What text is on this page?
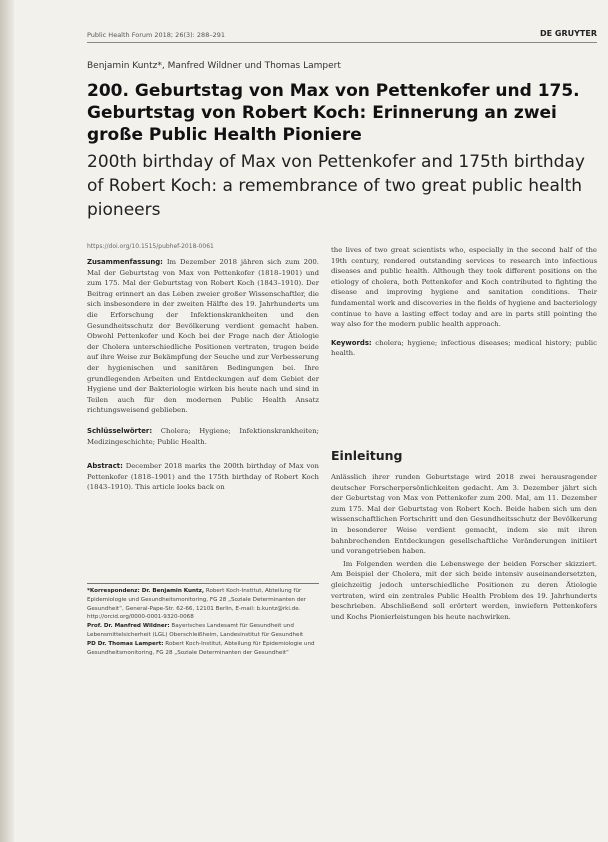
Public Health Forum 2018; 26(3): 288–291	DE GRUYTER
Benjamin Kuntz*, Manfred Wildner und Thomas Lampert
200. Geburtstag von Max von Pettenkofer und 175. Geburtstag von Robert Koch: Erinnerung an zwei große Public Health Pioniere
200th birthday of Max von Pettenkofer and 175th birthday of Robert Koch: a remembrance of two great public health pioneers
https://doi.org/10.1515/pubhef-2018-0061

Zusammenfassung: Im Dezember 2018 jähren sich zum 200. Mal der Geburtstag von Max von Pettenkofer (1818–1901) und zum 175. Mal der Geburtstag von Robert Koch (1843–1910). Der Beitrag erinnert an das Leben zweier großer Wissenschaftler, die sich insbesondere in der zweiten Hälfte des 19. Jahrhunderts um die Erforschung der Infektionskrankheiten und den Gesundheitsschutz der Bevölkerung verdient gemacht haben. Obwohl Pettenkofer und Koch bei der Frage nach der Ätiologie der Cholera unterschiedliche Positionen vertraten, trugen beide auf ihre Weise zur Bekämpfung der Seuche und zur Verbesserung der hygienischen und sanitären Bedingungen bei. Ihre grundlegenden Arbeiten und Entdeckungen auf dem Gebiet der Hygiene und der Bakteriologie wirken bis heute nach und sind in Teilen auch für den modernen Public Health Ansatz richtungsweisend geblieben.

Schlüsselwörter: Cholera; Hygiene; Infektionskrankheiten; Medizingeschichte; Public Health.

Abstract: December 2018 marks the 200th birthday of Max von Pettenkofer (1818–1901) and the 175th birthday of Robert Koch (1843–1910). This article looks back on

*Korrespondenz: Dr. Benjamin Kuntz, Robert Koch-Institut, Abteilung für Epidemiologie und Gesundheitsmonitoring, FG 28 „Soziale Determinanten der Gesundheit“, General-Pape-Str. 62-66, 12101 Berlin, E-mail: b.kuntz@rki.de.
http://orcid.org/0000-0001-9320-0068
Prof. Dr. Manfred Wildner: Bayerisches Landesamt für Gesundheit und Lebensmittelsicherheit (LGL) Oberschleißheim, Landesinstitut für Gesundheit
PD Dr. Thomas Lampert: Robert Koch-Institut, Abteilung für Epidemiologie und Gesundheitsmonitoring, FG 28 „Soziale Determinanten der Gesundheit“

the lives of two great scientists who, especially in the second half of the 19th century, rendered outstanding services to research into infectious diseases and public health. Although they took different positions on the etiology of cholera, both Pettenkofer and Koch contributed to fighting the disease and improving hygiene and sanitation conditions. Their fundamental work and discoveries in the fields of hygiene and bacteriology continue to have a lasting effect today and are in parts still pointing the way also for the modern public health approach.

Keywords: cholera; hygiene; infectious diseases; medical history; public health.

Einleitung

Anlässlich ihrer runden Geburtstage wird 2018 zwei herausragender deutscher Forscherpersönlichkeiten gedacht. Am 3. Dezember jährt sich der Geburtstag von Max von Pettenkofer zum 200. Mal, am 11. Dezember zum 175. Mal der Geburtstag von Robert Koch. Beide haben sich um den wissenschaftlichen Fortschritt und den Gesundheitsschutz der Bevölkerung in besonderer Weise verdient gemacht, indem sie mit ihren bahnbrechenden Entdeckungen gesellschaftliche Veränderungen initiiert und vorangetrieben haben.

Im Folgenden werden die Lebenswege der beiden Forscher skizziert. Am Beispiel der Cholera, mit der sich beide intensiv auseinandersetzten, gleichzeitig jedoch unterschiedliche Positionen zu deren Ätiologie vertraten, wird ein zentrales Public Health Problem des 19. Jahrhunderts beschrieben. Abschließend soll erörtert werden, inwiefern Pettenkofers und Kochs Pionierleistungen bis heute nachwirken.
